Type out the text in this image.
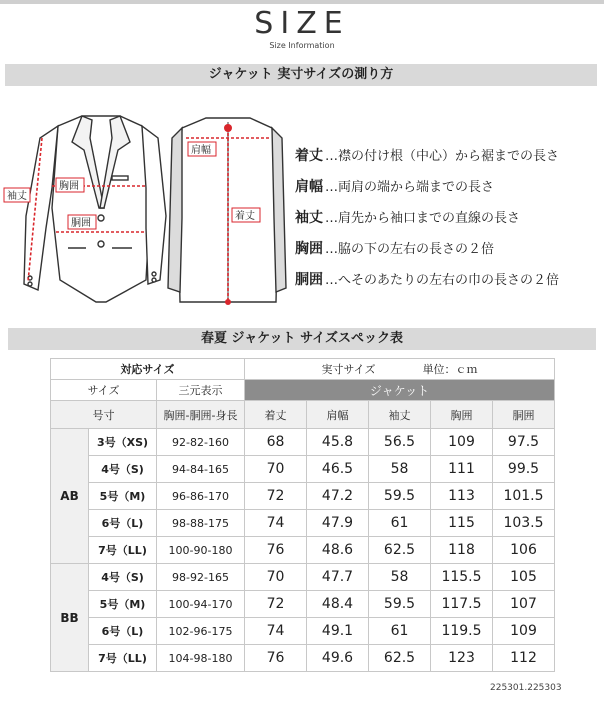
SIZE
Size Information
ジャケット 実寸サイズの測り方
袖丈
胸囲
胴囲
肩幅
着丈
着丈 …襟の付け根（中心）から裾までの長さ
肩幅 …両肩の端から端までの長さ
袖丈 …肩先から袖口までの直線の長さ
胸囲 …脇の下の左右の長さの２倍
胴囲 …へそのあたりの左右の巾の長さの２倍
春夏 ジャケット サイズスペック表
対応サイズ			実寸サイズ 単位：ｃｍ				
サイズ		三元表示	ジャケット				
号寸		胸囲-胴囲-身長	着丈	肩幅	袖丈	胸囲	胴囲
AB	3号（XS)	92-82-160	68	45.8	56.5	109	97.5
	4号（S)	94-84-165	70	46.5	58	111	99.5
	5号（M)	96-86-170	72	47.2	59.5	113	101.5
	6号（L)	98-88-175	74	47.9	61	115	103.5
	7号（LL)	100-90-180	76	48.6	62.5	118	106
BB	4号（S)	98-92-165	70	47.7	58	115.5	105
	5号（M)	100-94-170	72	48.4	59.5	117.5	107
	6号（L)	102-96-175	74	49.1	61	119.5	109
	7号（LL)	104-98-180	76	49.6	62.5	123	112
225301.225303
